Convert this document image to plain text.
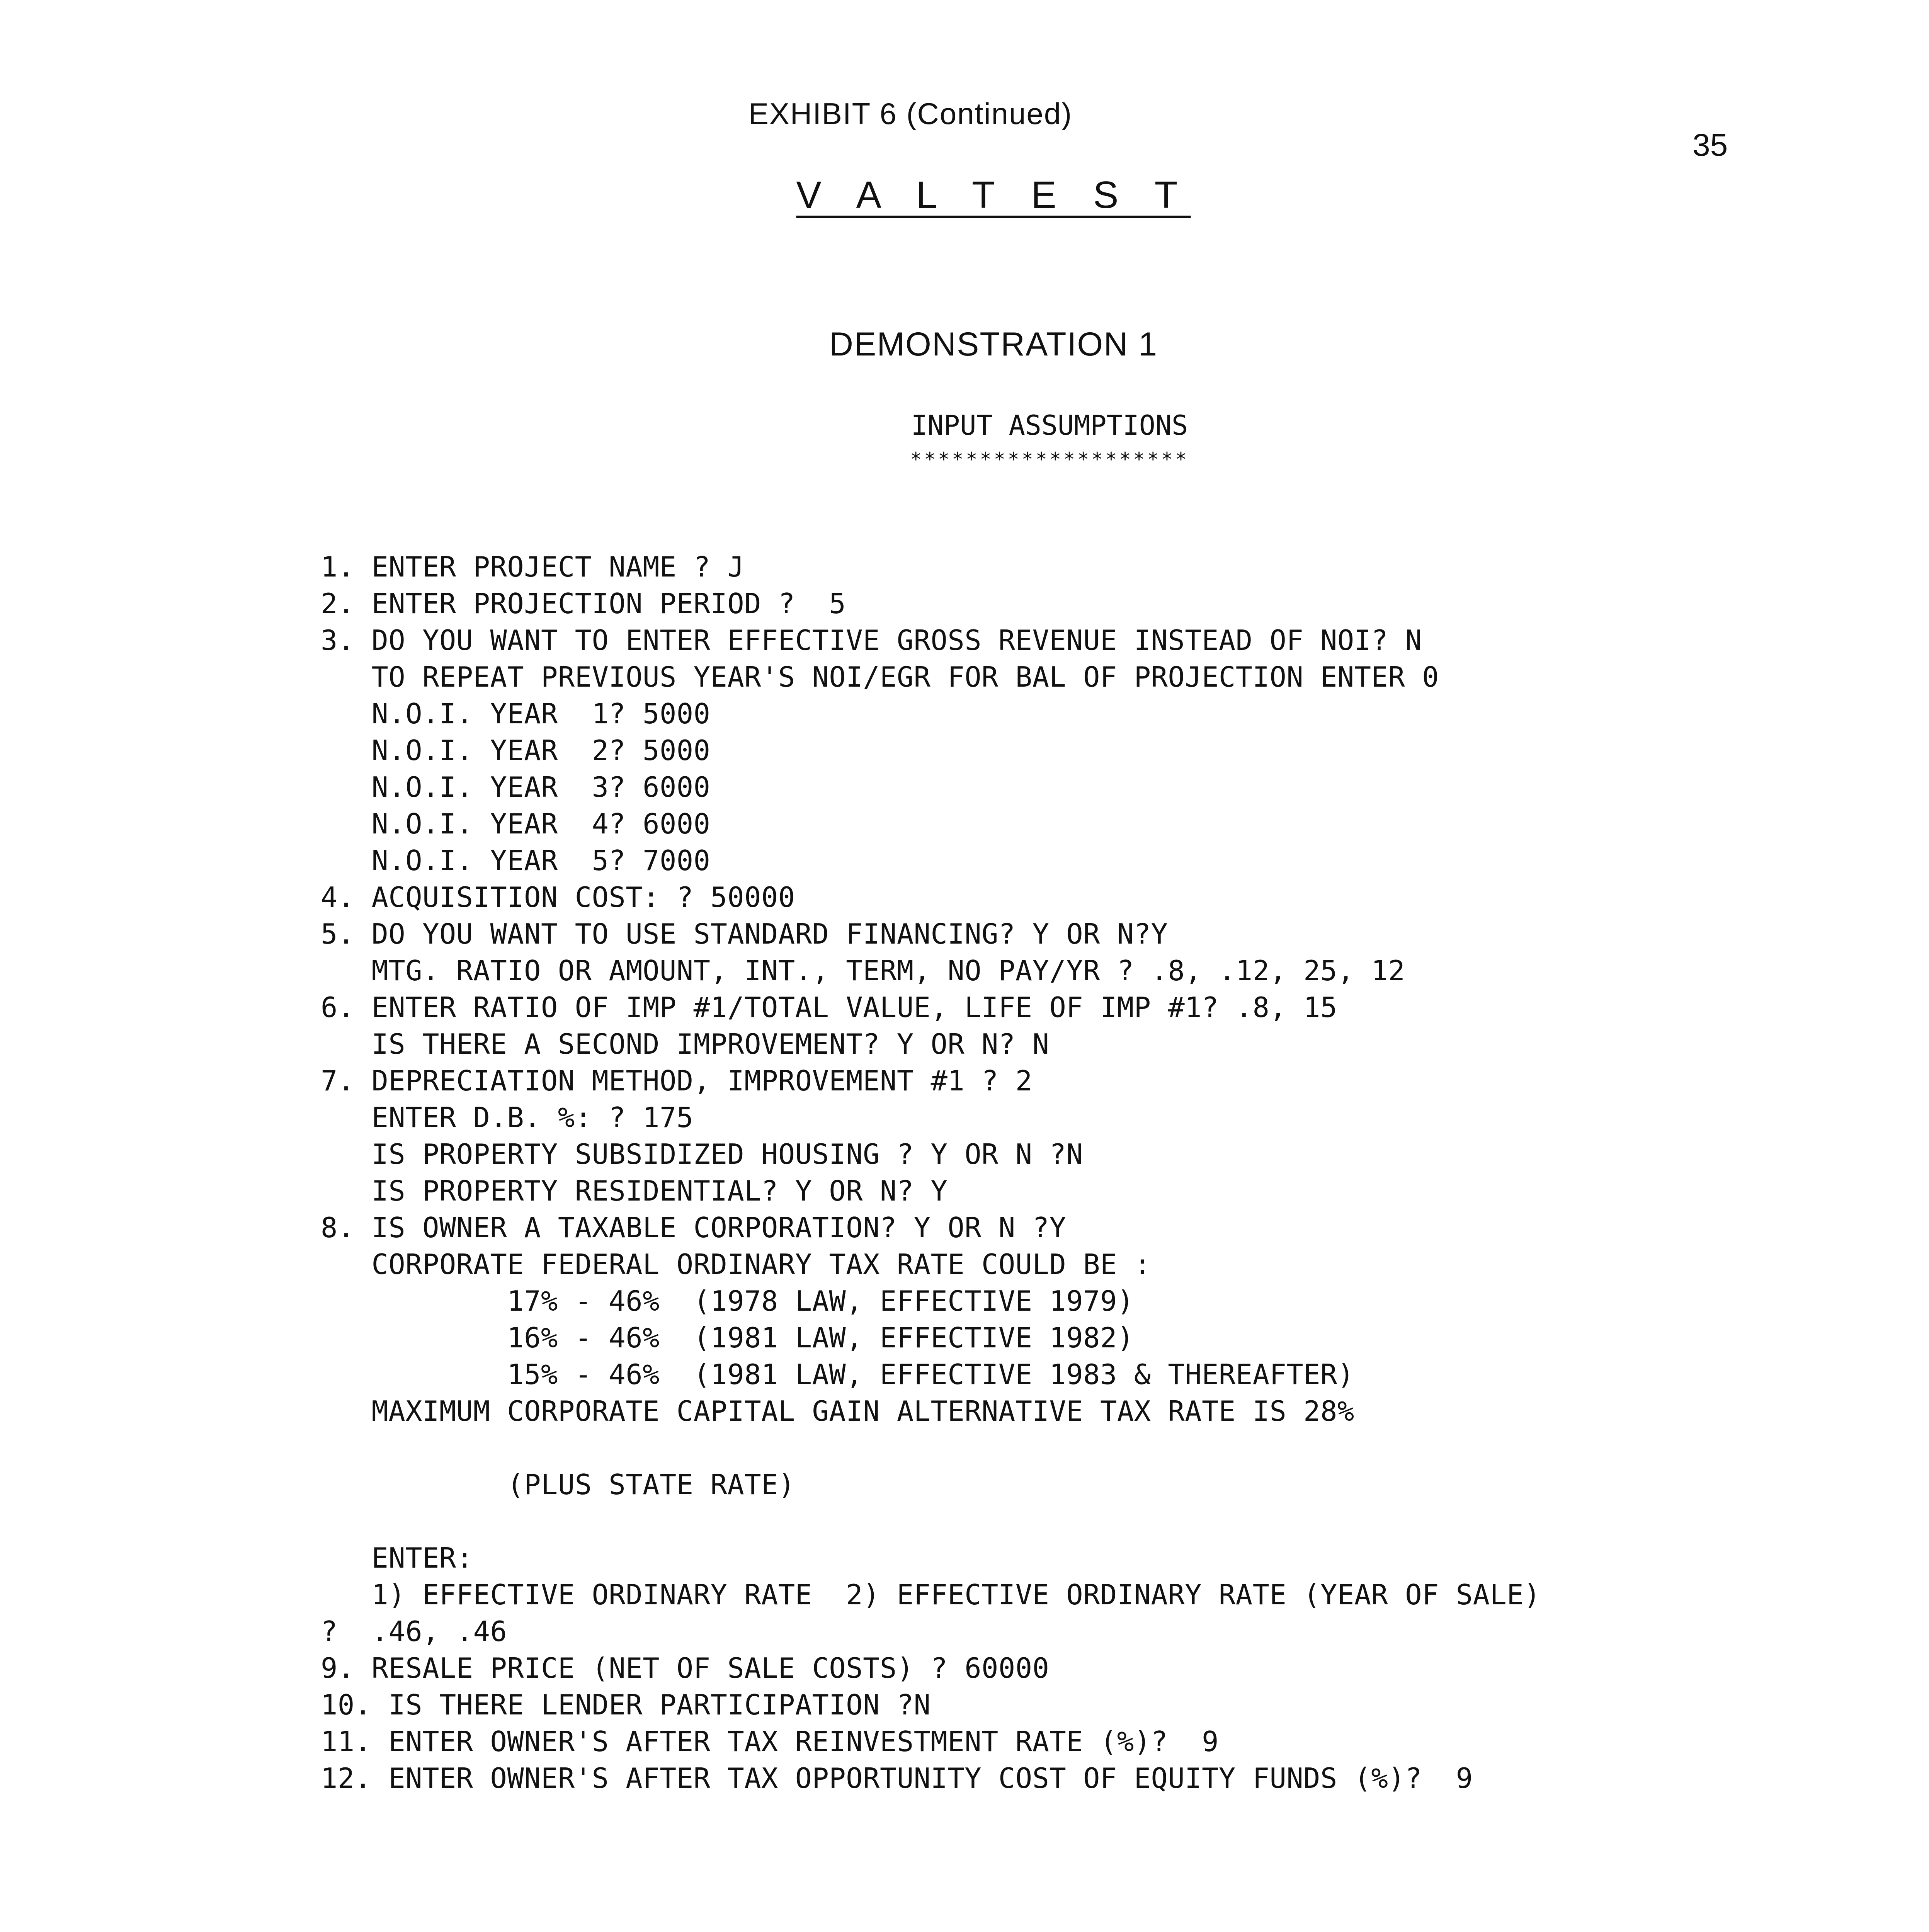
EXHIBIT 6 (Continued)
35
V A L T E S T
DEMONSTRATION 1
INPUT ASSUMPTIONS
********************
1. ENTER PROJECT NAME ? J
2. ENTER PROJECTION PERIOD ?  5
3. DO YOU WANT TO ENTER EFFECTIVE GROSS REVENUE INSTEAD OF NOI? N
TO REPEAT PREVIOUS YEAR'S NOI/EGR FOR BAL OF PROJECTION ENTER 0
N.O.I. YEAR  1? 5000
N.O.I. YEAR  2? 5000
N.O.I. YEAR  3? 6000
N.O.I. YEAR  4? 6000
N.O.I. YEAR  5? 7000
4. ACQUISITION COST: ? 50000
5. DO YOU WANT TO USE STANDARD FINANCING? Y OR N?Y
MTG. RATIO OR AMOUNT, INT., TERM, NO PAY/YR ? .8, .12, 25, 12
6. ENTER RATIO OF IMP #1/TOTAL VALUE, LIFE OF IMP #1? .8, 15
IS THERE A SECOND IMPROVEMENT? Y OR N? N
7. DEPRECIATION METHOD, IMPROVEMENT #1 ? 2
ENTER D.B. %: ? 175
IS PROPERTY SUBSIDIZED HOUSING ? Y OR N ?N
IS PROPERTY RESIDENTIAL? Y OR N? Y
8. IS OWNER A TAXABLE CORPORATION? Y OR N ?Y
CORPORATE FEDERAL ORDINARY TAX RATE COULD BE :
17% - 46%  (1978 LAW, EFFECTIVE 1979)
16% - 46%  (1981 LAW, EFFECTIVE 1982)
15% - 46%  (1981 LAW, EFFECTIVE 1983 & THEREAFTER)
MAXIMUM CORPORATE CAPITAL GAIN ALTERNATIVE TAX RATE IS 28%
(PLUS STATE RATE)
ENTER:
1) EFFECTIVE ORDINARY RATE  2) EFFECTIVE ORDINARY RATE (YEAR OF SALE)
?  .46, .46
9. RESALE PRICE (NET OF SALE COSTS) ? 60000
10. IS THERE LENDER PARTICIPATION ?N
11. ENTER OWNER'S AFTER TAX REINVESTMENT RATE (%)?  9
12. ENTER OWNER'S AFTER TAX OPPORTUNITY COST OF EQUITY FUNDS (%)?  9
